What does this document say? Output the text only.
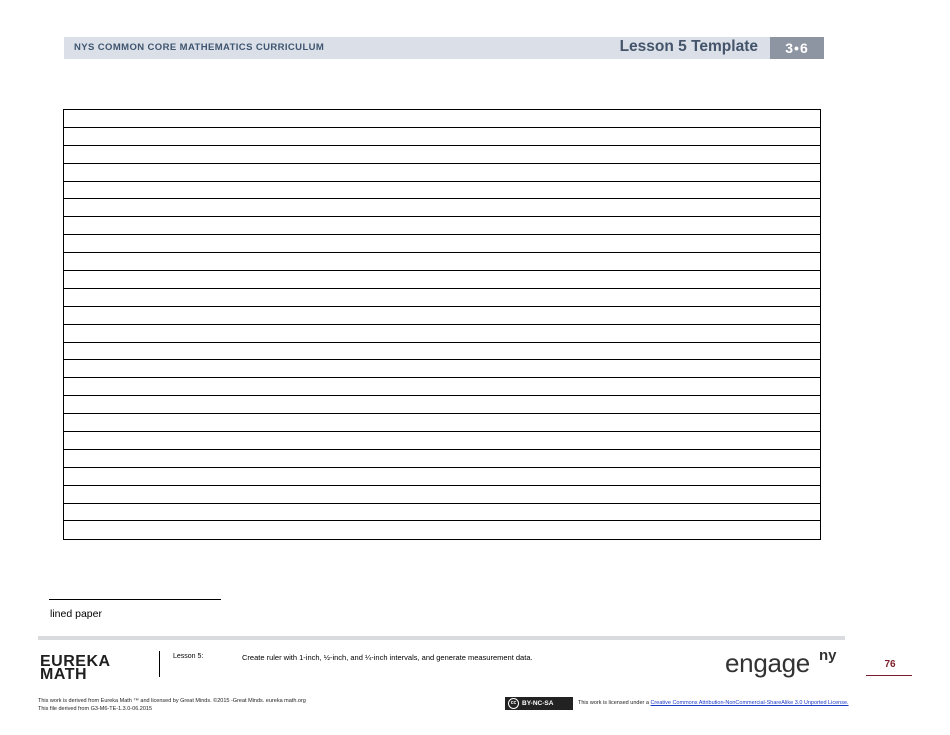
NYS COMMON CORE MATHEMATICS CURRICULUM	Lesson 5 Template	3•6
lined paper
EUREKA
MATH
Lesson 5:	Create ruler with 1-inch, ½-inch, and ¼-inch intervals, and generate measurement data.	engage ny
76
This work is derived from Eureka Math ™ and licensed by Great Minds. ©2015 -Great Minds. eureka math.org
This file derived from G3-M6-TE-1.3.0-06.2015
cc BY-NC-SA	This work is licensed under a Creative Commons Attribution-NonCommercial-ShareAlike 3.0 Unported License.
